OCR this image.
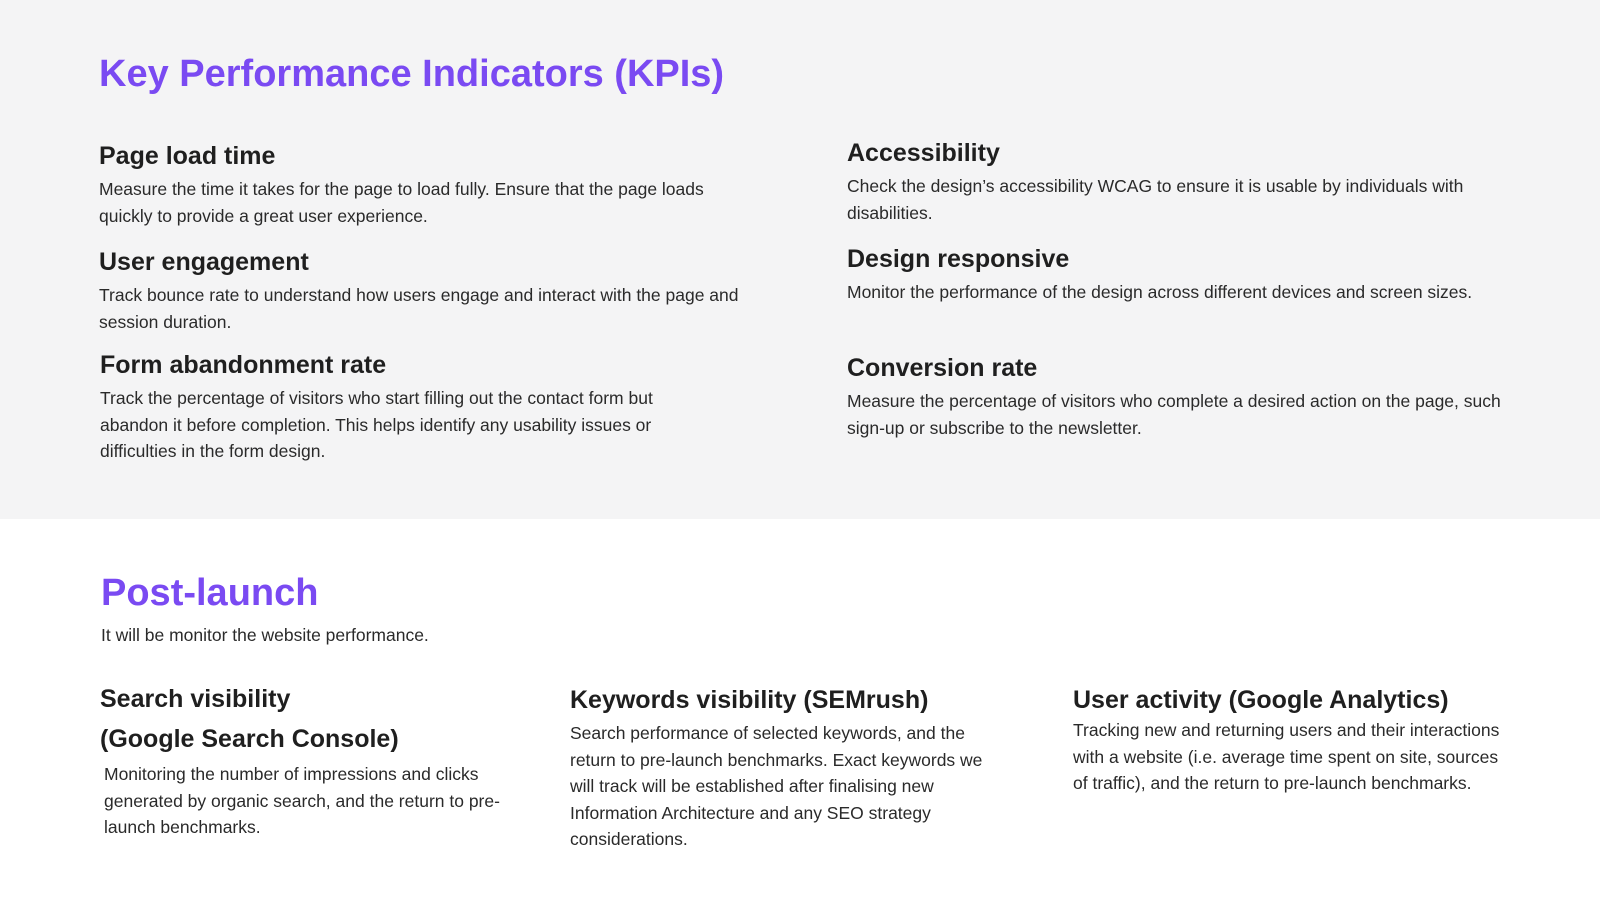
Key Performance Indicators (KPIs)
Page load time

Measure the time it takes for the page to load fully. Ensure that the page loads quickly to provide a great user experience.

User engagement

Track bounce rate to understand how users engage and interact with the page and session duration.

Form abandonment rate

Track the percentage of visitors who start filling out the contact form but abandon it before completion. This helps identify any usability issues or difficulties in the form design.

Accessibility

Check the design’s accessibility WCAG to ensure it is usable by individuals with disabilities.

Design responsive

Monitor the performance of the design across different devices and screen sizes.

Conversion rate

Measure the percentage of visitors who complete a desired action on the page, such sign-up or subscribe to the newsletter.

Post-launch

It will be monitor the website performance.

Search visibility
(Google Search Console)

Monitoring the number of impressions and clicks generated by organic search, and the return to pre-launch benchmarks.

Keywords visibility (SEMrush)

Search performance of selected keywords, and the return to pre-launch benchmarks. Exact keywords we will track will be established after finalising new Information Architecture and any SEO strategy considerations.

User activity (Google Analytics)

Tracking new and returning users and their interactions with a website (i.e. average time spent on site, sources of traffic), and the return to pre-launch benchmarks.
